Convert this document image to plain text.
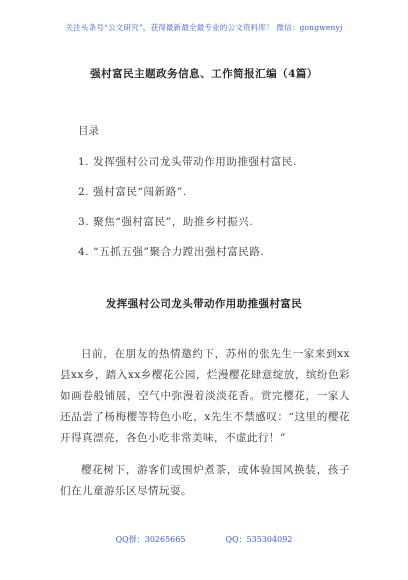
关注头条号“公文研究”，获得最新最全最专业的公文资料库！ 微信：gongwenyj
强村富民主题政务信息、工作简报汇编（4篇）
目录
1. 发挥强村公司龙头带动作用助推强村富民.
2. 强村富民“闯新路”.
3. 聚焦“强村富民”，助推乡村振兴.
4. “五抓五强”聚合力蹚出强村富民路.
发挥强村公司龙头带动作用助推强村富民
日前，在朋友的热情邀约下，苏州的张先生一家来到xx县xx乡，踏入xx乡樱花公园，烂漫樱花肆意绽放，缤纷色彩如画卷般铺展，空气中弥漫着淡淡花香。赏完樱花，一家人还品尝了杨梅樱等特色小吃，x先生不禁感叹：“这里的樱花开得真漂亮，各色小吃非常美味，不虚此行！”
樱花树下，游客们或围炉煮茶，或体验国风换装，孩子们在儿童游乐区尽情玩耍。
QQ群：30265665	QQ：535304092
